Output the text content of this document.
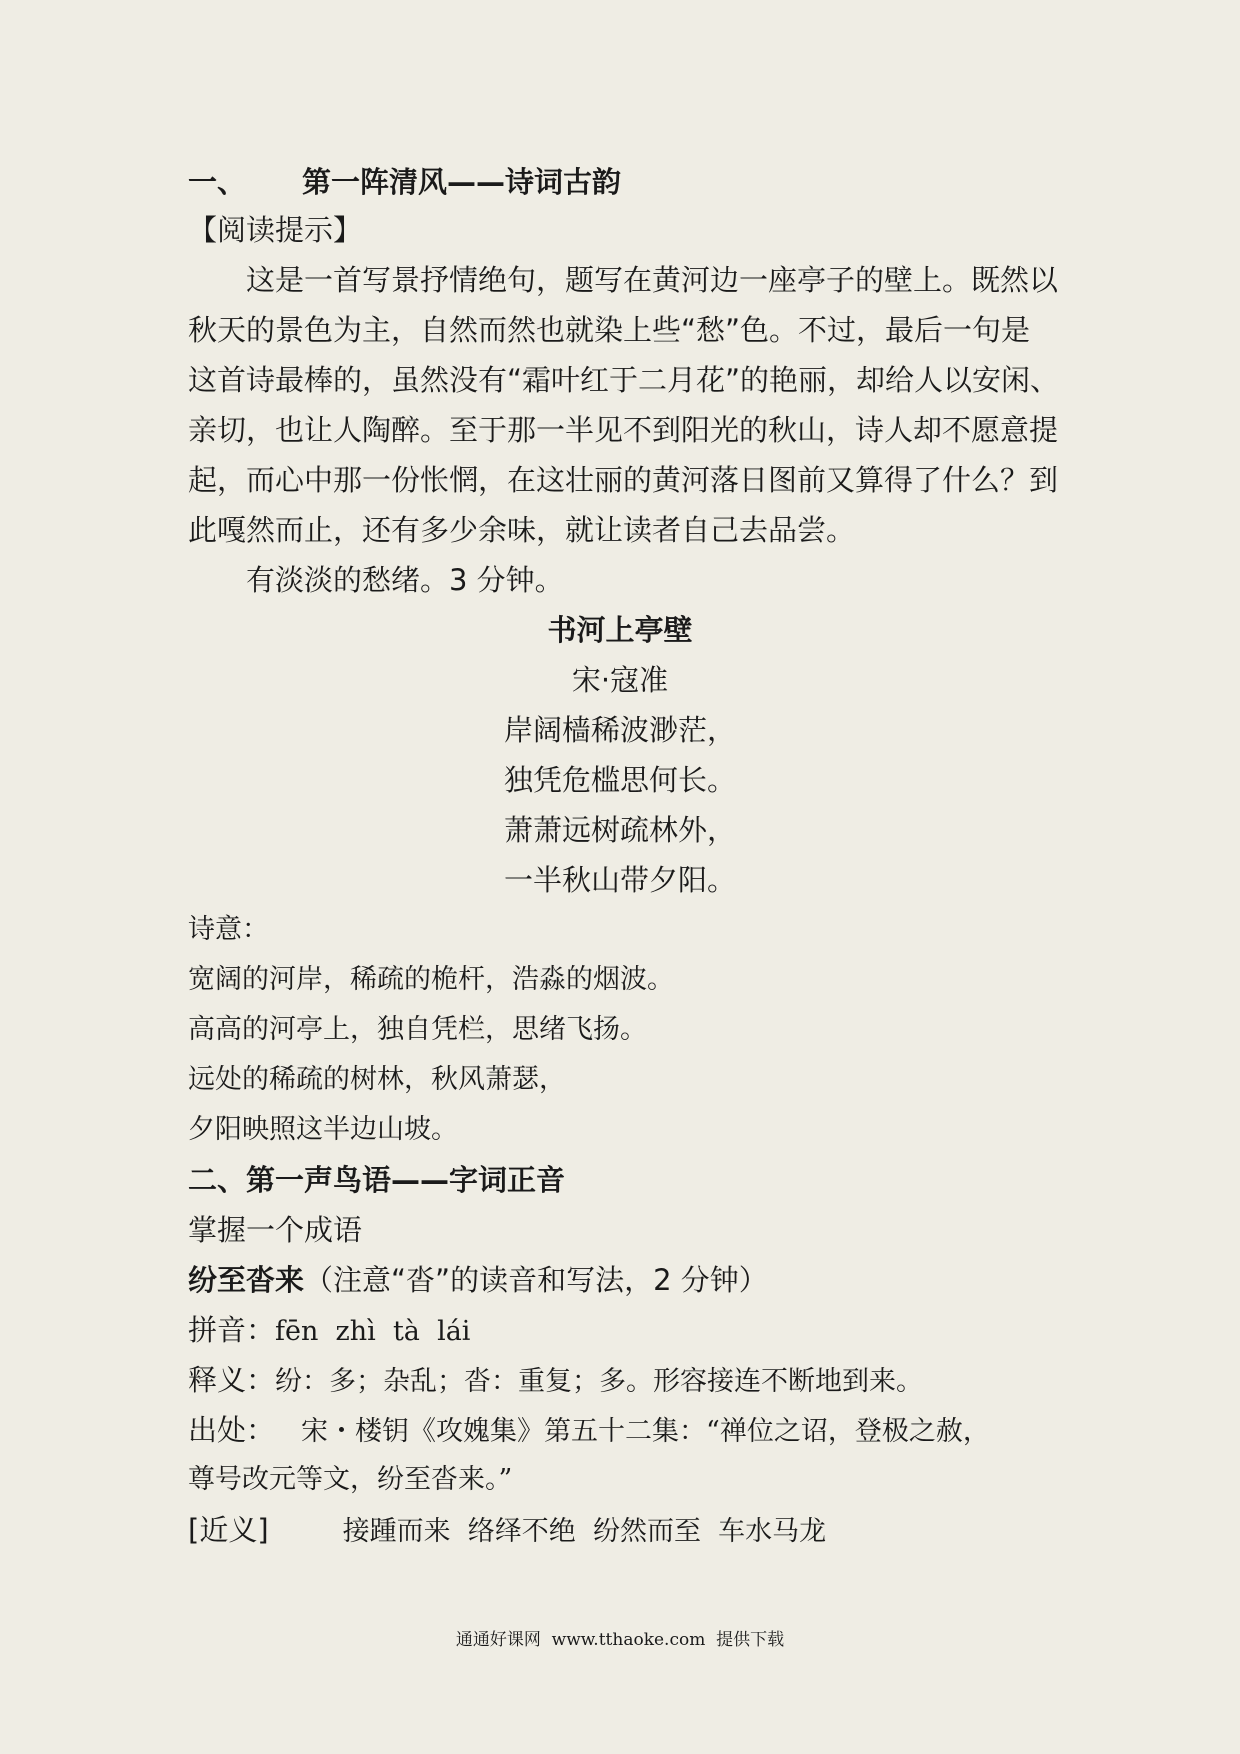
一、 第一阵清风——诗词古韵
【阅读提示】
这是一首写景抒情绝句，题写在黄河边一座亭子的壁上。既然以
秋天的景色为主，自然而然也就染上些“愁”色。不过，最后一句是
这首诗最棒的，虽然没有“霜叶红于二月花”的艳丽，却给人以安闲、
亲切，也让人陶醉。至于那一半见不到阳光的秋山，诗人却不愿意提
起，而心中那一份怅惘，在这壮丽的黄河落日图前又算得了什么？到
此嘎然而止，还有多少余味，就让读者自己去品尝。
有淡淡的愁绪。3 分钟。
书河上亭壁
宋·寇准
岸阔樯稀波渺茫，
独凭危槛思何长。
萧萧远树疏林外，
一半秋山带夕阳。
诗意：
宽阔的河岸，稀疏的桅杆，浩淼的烟波。
高高的河亭上，独自凭栏，思绪飞扬。
远处的稀疏的树林，秋风萧瑟，
夕阳映照这半边山坡。
二、第一声鸟语——字词正音
掌握一个成语
纷至沓来（注意“沓”的读音和写法，2 分钟）
拼音：fēn  zhì  tà  lái
释义：纷：多；杂乱；沓：重复；多。形容接连不断地到来。
出处： 宋・楼钥《攻媿集》第五十二集：“禅位之诏，登极之赦，
尊号改元等文，纷至沓来。”
[近义]	接踵而来  络绎不绝  纷然而至  车水马龙
通通好课网  www.tthaoke.com  提供下载
